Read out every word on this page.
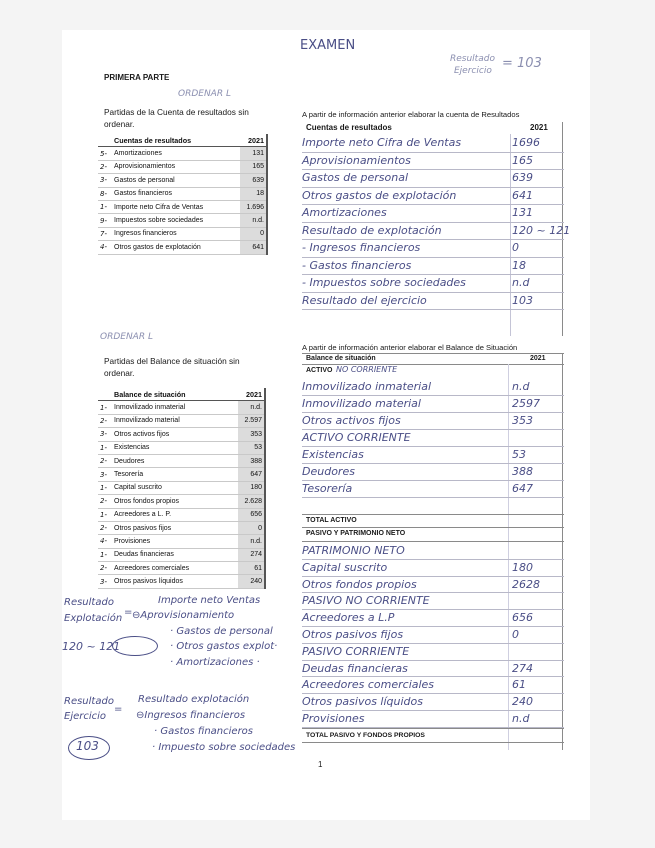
EXAMEN
Resultado
Ejercicio = 103
PRIMERA PARTE
ORDENAR L
Partidas de la Cuenta de resultados sin
ordenar.
	Cuentas de resultados	2021
5-	Amortizaciones	131
2-	Aprovisionamientos	165
3-	Gastos de personal	639
8-	Gastos financieros	18
1-	Importe neto Cifra de Ventas	1.696
9-	Impuestos sobre sociedades	n.d.
7-	Ingresos financieros	0
4-	Otros gastos de explotación	641
A partir de información anterior elaborar la cuenta de Resultados
Cuentas de resultados	2021
Importe neto Cifra de Ventas	1696
Aprovisionamientos	165
Gastos de personal	639
Otros gastos de explotación	641
Amortizaciones	131
Resultado de explotación	120 ~ 121
- Ingresos financieros	0
- Gastos financieros	18
- Impuestos sobre sociedades	n.d
Resultado del ejercicio	103
ORDENAR L
Partidas del Balance de situación sin
ordenar.
	Balance de situación	2021
1-	Inmovilizado inmaterial	n.d.
2-	Inmovilizado material	2.597
3-	Otros activos fijos	353
1-	Existencias	53
2-	Deudores	388
3-	Tesorería	647
1-	Capital suscrito	180
2-	Otros fondos propios	2.628
1-	Acreedores a L. P.	656
2-	Otros pasivos fijos	0
4-	Provisiones	n.d.
1-	Deudas financieras	274
2-	Acreedores comerciales	61
3-	Otros pasivos líquidos	240
A partir de información anterior elaborar el Balance de Situación
Balance de situación	2021
ACTIVO NO CORRIENTE
Inmovilizado inmaterial	n.d
Inmovilizado material	2597
Otros activos fijos	353
ACTIVO CORRIENTE
Existencias	53
Deudores	388
Tesorería	647
TOTAL ACTIVO
PASIVO Y PATRIMONIO NETO
PATRIMONIO NETO
Capital suscrito	180
Otros fondos propios	2628
PASIVO NO CORRIENTE
Acreedores a L.P	656
Otros pasivos fijos	0
PASIVO CORRIENTE
Deudas financieras	274
Acreedores comerciales	61
Otros pasivos líquidos	240
Provisiones	n.d
TOTAL PASIVO Y FONDOS PROPIOS
Resultado
Explotación
=
Importe neto Ventas
⊖Aprovisionamiento
· Gastos de personal
· Otros gastos explot·
· Amortizaciones ·
120 ~ 121
Resultado
Ejercicio
=
Resultado explotación
⊖Ingresos financieros
· Gastos financieros
· Impuesto sobre sociedades
103
1
